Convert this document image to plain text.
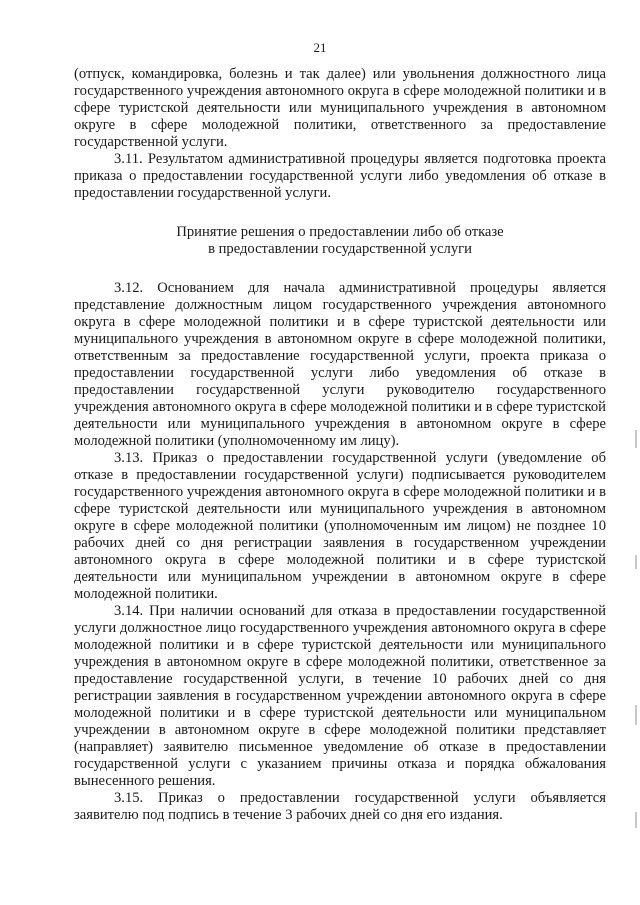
21

(отпуск, командировка, болезнь и так далее) или увольнения должностного лица государственного учреждения автономного округа в сфере молодежной политики и в сфере туристской деятельности или муниципального учреждения в автономном округе в сфере молодежной политики, ответственного за предоставление государственной услуги.

3.11. Результатом административной процедуры является подготовка проекта приказа о предоставлении государственной услуги либо уведомления об отказе в предоставлении государственной услуги.

Принятие решения о предоставлении либо об отказе
в предоставлении государственной услуги

3.12. Основанием для начала административной процедуры является представление должностным лицом государственного учреждения автономного округа в сфере молодежной политики и в сфере туристской деятельности или муниципального учреждения в автономном округе в сфере молодежной политики, ответственным за предоставление государственной услуги, проекта приказа о предоставлении государственной услуги либо уведомления об отказе в предоставлении государственной услуги руководителю государственного учреждения автономного округа в сфере молодежной политики и в сфере туристской деятельности или муниципального учреждения в автономном округе в сфере молодежной политики (уполномоченному им лицу).

3.13. Приказ о предоставлении государственной услуги (уведомление об отказе в предоставлении государственной услуги) подписывается руководителем государственного учреждения автономного округа в сфере молодежной политики и в сфере туристской деятельности или муниципального учреждения в автономном округе в сфере молодежной политики (уполномоченным им лицом) не позднее 10 рабочих дней со дня регистрации заявления в государственном учреждении автономного округа в сфере молодежной политики и в сфере туристской деятельности или муниципальном учреждении в автономном округе в сфере молодежной политики.

3.14. При наличии оснований для отказа в предоставлении государственной услуги должностное лицо государственного учреждения автономного округа в сфере молодежной политики и в сфере туристской деятельности или муниципального учреждения в автономном округе в сфере молодежной политики, ответственное за предоставление государственной услуги, в течение 10 рабочих дней со дня регистрации заявления в государственном учреждении автономного округа в сфере молодежной политики и в сфере туристской деятельности или муниципальном учреждении в автономном округе в сфере молодежной политики представляет (направляет) заявителю письменное уведомление об отказе в предоставлении государственной услуги с указанием причины отказа и порядка обжалования вынесенного решения.

3.15. Приказ о предоставлении государственной услуги объявляется заявителю под подпись в течение 3 рабочих дней со дня его издания.
